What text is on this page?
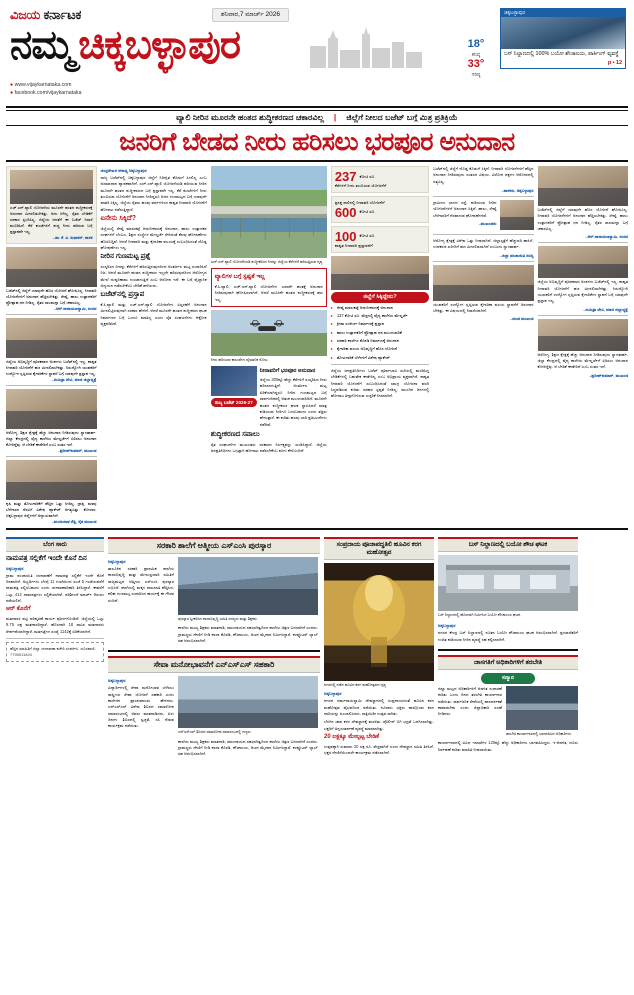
ವಿಜಯ ಕರ್ನಾಟಕ	ಶನಿವಾರ,7 ಮಾರ್ಚ್ 2026
ನಮ್ಮ ಚಿಕ್ಕಬಳ್ಳಾಪುರ	18°
ಕನಿಷ್ಠ
33°
ಗರಿಷ್ಠ
ಚಿಕ್ಕಬಳ್ಳಾಪುರ
ಬಸ್‌ ನಿಲ್ದಾಣದಲ್ಲಿ 100% ಬಯೋ ಶೌಚಾಲಯ, ಪಾರ್ಕಿಂಗ್‌ ವ್ಯವಸ್ಥೆ
p • 12
● www.vijaykarnataka.com
● facebook.com/vijaykarnataka
ವ್ಯಾಲಿ ನೀರಿನ ಮೂರನೇ ಹಂತದ ಶುದ್ಧೀಕರಣದ ಚಕಾರವಿಲ್ಲ | ಜಿಲ್ಲೆಗೆ ನೀಲದ ಬಜೆಟ್‌ ಬಗ್ಗೆ ಮಿತ್ರ ಪ್ರತಿಕ್ರಿಯೆ
ಜನರಿಗೆ ಬೇಡದ ನೀರು ಹರಿಸಲು ಭರಪೂರ ಅನುದಾನ
ಎಚ್‌.ಎನ್‌.ವ್ಯಾಲಿ ಯೋಜನೆಯ ಮೂರನೇ ಹಂತದ ಶುದ್ಧೀಕರಣಕ್ಕೆ ಅನುದಾನ ಮೀಸಲಿಡಬೇಕಿತ್ತು. ಅದು ಆಗಿಲ್ಲ. ರೈತರ ಬೇಡಿಕೆಗೆ ಸರಕಾರ ಸ್ಪಂದಿಸಿಲ್ಲ. ಜಿಲ್ಲೆಯ ಜನತೆಗೆ ಈ ಬಜೆಟ್‌ ನಿರಾಸೆ ಮೂಡಿಸಿದೆ. ಕೆರೆ ಕುಂಟೆಗಳಿಗೆ ಶುದ್ಧ ನೀರು ಹರಿಸುವ ಬಗ್ಗೆ ಪ್ರಸ್ತಾಪವೇ ಇಲ್ಲ.
–ಡಾ. ಕೆ. ವಿ. ಸುಧಾಕರ್‌, ಶಾಸಕ
ಬಜೆಟ್‌ನಲ್ಲಿ ಜಿಲ್ಲೆಗೆ ಯಾವುದೇ ಹೊಸ ಯೋಜನೆ ಘೋಷಿಸಿಲ್ಲ. ನೀರಾವರಿ ಯೋಜನೆಗಳಿಗೆ ಅನುದಾನ ಹೆಚ್ಚಿಸಬೇಕಿತ್ತು. ರೇಷ್ಮೆ, ಹಾಲು ಉತ್ಪಾದಕರಿಗೆ ಪ್ರೋತ್ಸಾಹ ಧನ ನೀಡಿಲ್ಲ. ರೈತರ ಸಾಲಮನ್ನಾ ಬಗ್ಗೆ ಚಕಾರವಿಲ್ಲ.
–ಆರ್‌.ನಾರಾಯಣಸ್ವಾಮಿ, ಸಂಸದ
ಜಿಲ್ಲೆಯ ಅಭಿವೃದ್ಧಿಗೆ ಪೂರಕವಾದ ಅಂಶಗಳು ಬಜೆಟ್‌ನಲ್ಲಿ ಇಲ್ಲ. ಶಾಶ್ವತ ನೀರಾವರಿ ಯೋಜನೆಗೆ ಹಣ ಮೀಸಲಿಡಬೇಕಿತ್ತು. ನಿರುದ್ಯೋಗಿ ಯುವಕರಿಗೆ ಉದ್ಯೋಗ ಸೃಷ್ಟಿಸುವ ಕೈಗಾರಿಕೆಗಳ ಸ್ಥಾಪನೆ ಬಗ್ಗೆ ಯಾವುದೇ ಪ್ರಸ್ತಾಪ ಇಲ್ಲ.
–ಸುಮಿತ್ರಾ ದೇವಿ, ಮಾಜಿ ಜಿಲ್ಲಾಧ್ಯಕ್ಷೆ
ಆರೋಗ್ಯ, ಶಿಕ್ಷಣ ಕ್ಷೇತ್ರಕ್ಕೆ ಹೆಚ್ಚು ಅನುದಾನ ನೀಡಿರುವುದು ಸ್ವಾಗತಾರ್ಹ. ಜಿಲ್ಲಾ ಕೇಂದ್ರದಲ್ಲಿ ವೈದ್ಯ ಕಾಲೇಜು ಮೇಲ್ದರ್ಜೆಗೆ ಏರಿಸಲು ಅನುದಾನ ಕೋರಿದ್ದೆವು. ಆ ಬೇಡಿಕೆ ಈಡೇರಿದೆ ಎಂಬ ಸಂತಸ ಇದೆ.
–ಪ್ರದೀಪ್‌ಕುಮಾರ್‌, ಮುಖಂಡ
ಕೃಷಿ ಮತ್ತು ತೋಟಗಾರಿಕೆಗೆ ಹೆಚ್ಚಿನ ಒತ್ತು ನೀಡಿಲ್ಲ. ದ್ರಾಕ್ಷಿ, ಮಾವು ಬೆಳೆಗಾರರ ನೆರವಿಗೆ ವಿಶೇಷ ಪ್ಯಾಕೇಜ್‌ ಅಗತ್ಯವಿತ್ತು. ಕೋಲಾರ, ಚಿಕ್ಕಬಳ್ಳಾಪುರ ಜಿಲ್ಲೆಗಳಿಗೆ ಅನ್ಯಾಯವಾಗಿದೆ.
–ಮಂಜುನಾಥ ರೆಡ್ಡಿ, ರೈತ ಮುಖಂಡ
ಚಂದ್ರಶೇಖರ ಆರಾಧ್ಯ ಚಿಕ್ಕಬಳ್ಳಾಪುರ

ರಾಜ್ಯ ಬಜೆಟ್‌ನಲ್ಲಿ ಚಿಕ್ಕಬಳ್ಳಾಪುರ ಜಿಲ್ಲೆಗೆ ನಿರೀಕ್ಷಿತ ಕೊಡುಗೆ ಸಿಗಲಿಲ್ಲ ಎಂಬ ಅಸಮಾಧಾನ ವ್ಯಾಪಕವಾಗಿದೆ. ಎಚ್‌.ಎನ್‌.ವ್ಯಾಲಿ ಯೋಜನೆಯಡಿ ಹರಿಯುವ ನೀರಿನ ಮೂರನೇ ಹಂತದ ಶುದ್ಧೀಕರಣದ ಬಗ್ಗೆ ಪ್ರಸ್ತಾಪವೇ ಇಲ್ಲ. ಕೆರೆ ಕುಂಟೆಗಳಿಗೆ ನೀರು ತುಂಬಿಸುವ ಯೋಜನೆಗೆ ಅನುದಾನ ನೀಡಿದ್ದರೂ ಅದರ ಗುಣಮಟ್ಟದ ಬಗ್ಗೆ ಯಾವುದೇ ಖಾತರಿ ಸಿಕ್ಕಿಲ್ಲ. ಜಿಲ್ಲೆಯ ರೈತರು ಹಲವು ವರ್ಷಗಳಿಂದ ಶಾಶ್ವತ ನೀರಾವರಿ ಯೋಜನೆಗೆ ಹೋರಾಟ ನಡೆಸುತ್ತಿದ್ದಾರೆ.

ಏನೇನು ಸಿಕ್ಕಿದೆ?

ಜಿಲ್ಲೆಯಲ್ಲಿ ರೇಷ್ಮೆ ಮಾರುಕಟ್ಟೆ ಆಧುನೀಕರಣಕ್ಕೆ ಅನುದಾನ, ಹಾಲು ಉತ್ಪಾದಕರ ಸಂಘಗಳಿಗೆ ಬೆಂಬಲ, ಶಿಕ್ಷಣ ಸಂಸ್ಥೆಗಳ ಮೇಲ್ದರ್ಜೆ ಸೇರಿದಂತೆ ಕೆಲವು ಘೋಷಣೆಗಳು ಹೊರಬಿದ್ದಿವೆ. ಆದರೆ ನೀರಾವರಿ ಮತ್ತು ಕೈಗಾರಿಕಾ ವಲಯಕ್ಕೆ ಸಂಬಂಧಿಸಿದಂತೆ ದೊಡ್ಡ ಘೋಷಣೆಗಳು ಇಲ್ಲ.

ನೀರಿನ ಗುಣಮಟ್ಟ ಪ್ರಶ್ನೆ

ಸಂಸ್ಕರಿಸಿದ ನೀರನ್ನು ಕೆರೆಗಳಿಗೆ ಹರಿಸುತ್ತಿರುವುದರಿಂದ ಅಂತರ್ಜಲ ಮಟ್ಟ ಸುಧಾರಿಸಿದೆ ನಿಜ. ಆದರೆ ಮೂರನೇ ಹಂತದ ಶುದ್ಧೀಕರಣ ಇಲ್ಲದೇ ಹರಿಸುವುದರಿಂದ ಆರೋಗ್ಯದ ಮೇಲೆ ದುಷ್ಪರಿಣಾಮ ಉಂಟಾಗುತ್ತಿದೆ ಎಂಬ ಆರೋಪ ಇದೆ. ಈ ಬಗ್ಗೆ ವೈಜ್ಞಾನಿಕ ಅಧ್ಯಯನ ನಡೆಸಬೇಕೆಂಬ ಬೇಡಿಕೆ ಹಳೆಯದು.

ಬಜೆಟ್‌ನಲ್ಲಿ ಪ್ರಸ್ತಾಪ

ಕೆ.ಸಿ.ವ್ಯಾಲಿ ಮತ್ತು ಎಚ್‌.ಎನ್‌.ವ್ಯಾಲಿ ಯೋಜನೆಗಳ ವಿಸ್ತರಣೆಗೆ ಅನುದಾನ ಮೀಸಲಿಟ್ಟಿರುವುದಾಗಿ ಸರಕಾರ ಹೇಳಿದೆ. ಆದರೆ ಮೂರನೇ ಹಂತದ ಶುದ್ಧೀಕರಣ ಘಟಕ ನಿರ್ಮಾಣದ ಬಗ್ಗೆ ಒಂದೂ ಮಾತಿಲ್ಲ ಎಂದು ರೈತ ಸಂಘಟನೆಗಳು ಆಕ್ರೋಶ ವ್ಯಕ್ತಪಡಿಸಿವೆ.

ಎಚ್‌.ಎನ್‌.ವ್ಯಾಲಿ ಯೋಜನೆಯಡಿ ಶುದ್ಧೀಕರಿಸಿದ ನೀರನ್ನು ಜಿಲ್ಲೆಯ ಕೆರೆಗಳಿಗೆ ಹರಿಸುತ್ತಿರುವ ದೃಶ್ಯ.
ವ್ಯಾಲಿಗಳ ಬಗ್ಗೆ ಸ್ಪಷ್ಟತೆ ಇಲ್ಲ
ಕೆ.ಸಿ.ವ್ಯಾಲಿ, ಎಚ್‌.ಎನ್‌.ವ್ಯಾಲಿ ಯೋಜನೆಗಳ ಎರಡನೇ ಹಂತಕ್ಕೆ ಅನುದಾನ ನೀಡಿರುವುದಾಗಿ ಘೋಷಿಸಲಾಗಿದೆ. ಆದರೆ ಮೂರನೇ ಹಂತದ ಶುದ್ಧೀಕರಣಕ್ಕೆ ಹಣ ಇಲ್ಲ.
ನೀರು ಹರಿಯುವ ಕಾಲುವೆಗಳ ವೈಮಾನಿಕ ನೋಟ.
ರಾಜ್ಯ ಬಜೆಟ್‌ 2026-27
ನೀರಾವರಿಗೆ ಭರಪೂರ ಅನುದಾನ
ಜಿಲ್ಲೆಯ 300ಕ್ಕೂ ಹೆಚ್ಚು ಕೆರೆಗಳಿಗೆ ಸಂಸ್ಕರಿಸಿದ ನೀರು ಹರಿಸಲಾಗುತ್ತಿದೆ. ಅಂತರ್ಜಲ ಮಟ್ಟ ಏರಿಕೆಯಾಗಿದ್ದರೂ ನೀರಿನ ಗುಣಮಟ್ಟದ ಬಗ್ಗೆ ಸಾರ್ವಜನಿಕರಲ್ಲಿ ಆತಂಕ ಮುಂದುವರಿದಿದೆ. ಮೂರನೇ ಹಂತದ ಶುದ್ಧೀಕರಣ ಘಟಕ ಸ್ಥಾಪಿಸಿದರೆ ಮಾತ್ರ ಕುಡಿಯುವ ನೀರಿಗೂ ಬಳಸಬಹುದು ಎಂದು ತಜ್ಞರು ಹೇಳುತ್ತಾರೆ. ಈ ಕುರಿತು ಹಲವು ಬಾರಿ ಪ್ರತಿಭಟನೆಗಳು ನಡೆದಿವೆ.
ಶುದ್ಧೀಕರಣದ ಸವಾಲು

ರೈತ ಸಂಘಟನೆಗಳ ಮುಖಂಡರು ಸರಕಾರದ ನಿರ್ಲಕ್ಷ್ಯವನ್ನು ಖಂಡಿಸಿದ್ದಾರೆ. ಜಿಲ್ಲೆಯ ಜನಪ್ರತಿನಿಧಿಗಳು ಒಗ್ಗಟ್ಟಾಗಿ ಹೋರಾಟ ನಡೆಸಬೇಕೆಂಬ ಕೂಗು ಕೇಳಿಬಂದಿದೆ.

237 ಕೋಟಿ ರೂ.
ಕೆರೆಗಳಿಗೆ ನೀರು ತುಂಬಿಸುವ ಯೋಜನೆಗೆ
ಪ್ರಸಕ್ತ ಸಾಲಿನಲ್ಲಿ ನೀರಾವರಿ ಯೋಜನೆಗೆ
600 ಕೋಟಿ ರೂ.
100 ಕೋಟಿ ರೂ.
ಶಾಶ್ವತ ನೀರಾವರಿ ಪ್ರಸ್ತಾವನೆಗೆ
ಜಿಲ್ಲೆಗೆ ಸಿಕ್ಕಿದ್ದೇನು?
▸ ರೇಷ್ಮೆ ಮಾರುಕಟ್ಟೆ ಆಧುನೀಕರಣಕ್ಕೆ ಅನುದಾನ
▸ 137 ಕೋಟಿ ರೂ. ವೆಚ್ಚದಲ್ಲಿ ವೈದ್ಯ ಕಾಲೇಜು ಮೇಲ್ದರ್ಜೆ
▸ ಕ್ರೀಡಾ ಸಂಕೀರ್ಣ ನಿರ್ಮಾಣಕ್ಕೆ ಪ್ರಸ್ತಾಪ
▸ ಹಾಲು ಉತ್ಪಾದಕರಿಗೆ ಪ್ರೋತ್ಸಾಹ ಧನ ಮುಂದುವರಿಕೆ
▸ ಸರಕಾರಿ ಶಾಲೆಗಳ ಕೊಠಡಿ ನಿರ್ಮಾಣಕ್ಕೆ ಅನುದಾನ
▸ ಕೈಗಾರಿಕಾ ವಲಯ ಅಭಿವೃದ್ಧಿಗೆ ಹೊಸ ಯೋಜನೆ
▸ ತೋಟಗಾರಿಕೆ ಬೆಳೆಗಳಿಗೆ ವಿಶೇಷ ಪ್ಯಾಕೇಜ್‌

ಜಿಲ್ಲೆಯ ಜನಪ್ರತಿನಿಧಿಗಳು ಬಜೆಟ್‌ ಪೂರ್ವಭಾವಿ ಸಭೆಯಲ್ಲಿ ಮಂಡಿಸಿದ್ದ ಬೇಡಿಕೆಗಳಲ್ಲಿ ಬಹುತೇಕ ಈಡೇರಿಲ್ಲ ಎಂಬ ಅಭಿಪ್ರಾಯ ವ್ಯಕ್ತವಾಗಿದೆ. ಶಾಶ್ವತ ನೀರಾವರಿ ಯೋಜನೆಗೆ ಸಂಬಂಧಿಸಿದಂತೆ ಸಮಗ್ರ ಯೋಜನಾ ವರದಿ ಸಿದ್ಧಪಡಿಸುವ ಕುರಿತು ಸರಕಾರ ಸ್ಪಷ್ಟತೆ ನೀಡಿಲ್ಲ. ಮುಂದಿನ ದಿನಗಳಲ್ಲಿ ಹೋರಾಟ ತೀವ್ರಗೊಳಿಸುವ ಎಚ್ಚರಿಕೆ ನೀಡಲಾಗಿದೆ.

ಬಜೆಟ್‌ನಲ್ಲಿ ಜಿಲ್ಲೆಗೆ ದೊಡ್ಡ ಕೊಡುಗೆ ಸಿಕ್ಕಿದೆ. ನೀರಾವರಿ ಯೋಜನೆಗಳಿಗೆ ಹೆಚ್ಚಿನ ಅನುದಾನ ನೀಡಿರುವುದು ಸಂತಸದ ವಿಷಯ. ವಿರೋಧ ಪಕ್ಷಗಳ ಆರೋಪದಲ್ಲಿ ಸತ್ಯವಿಲ್ಲ.

–ಶಾಸಕರು, ಚಿಕ್ಕಬಳ್ಳಾಪುರ

ಗ್ರಾಮೀಣ ಭಾಗದ ರಸ್ತೆ, ಕುಡಿಯುವ ನೀರಿನ ಯೋಜನೆಗಳಿಗೆ ಅನುದಾನ ಸಿಕ್ಕಿದೆ. ಹಾಲು, ರೇಷ್ಮೆ ಬೆಳೆಗಾರರಿಗೆ ನೆರವಾಗುವ ಘೋಷಣೆಗಳಿವೆ.

–ಮುಖಂಡರು

ಆರೋಗ್ಯ ಕ್ಷೇತ್ರಕ್ಕೆ ವಿಶೇಷ ಒತ್ತು ನೀಡಲಾಗಿದೆ. ಜಿಲ್ಲಾಸ್ಪತ್ರೆಗೆ ಹೆಚ್ಚುವರಿ ಹಾಸಿಗೆ, ಉಪಕರಣ ಖರೀದಿಗೆ ಹಣ ಮೀಸಲಿಡಲಾಗಿದೆ ಎಂಬುದು ಸ್ವಾಗತಾರ್ಹ.

–ಜಿಲ್ಲಾ ಪಂಚಾಯಿತಿ ಸದಸ್ಯ

ಯುವಕರಿಗೆ ಉದ್ಯೋಗ ಸೃಷ್ಟಿಸುವ ಕೈಗಾರಿಕಾ ವಲಯ ಸ್ಥಾಪನೆಗೆ ಅನುದಾನ ಬೇಕಿತ್ತು. ಈ ವಿಷಯದಲ್ಲಿ ನಿರಾಸೆಯಾಗಿದೆ.

–ಯುವ ಮುಖಂಡ

ಬಜೆಟ್‌ನಲ್ಲಿ ಜಿಲ್ಲೆಗೆ ಯಾವುದೇ ಹೊಸ ಯೋಜನೆ ಘೋಷಿಸಿಲ್ಲ. ನೀರಾವರಿ ಯೋಜನೆಗಳಿಗೆ ಅನುದಾನ ಹೆಚ್ಚಿಸಬೇಕಿತ್ತು. ರೇಷ್ಮೆ, ಹಾಲು ಉತ್ಪಾದಕರಿಗೆ ಪ್ರೋತ್ಸಾಹ ಧನ ನೀಡಿಲ್ಲ. ರೈತರ ಸಾಲಮನ್ನಾ ಬಗ್ಗೆ ಚಕಾರವಿಲ್ಲ.

–ಆರ್‌.ನಾರಾಯಣಸ್ವಾಮಿ, ಸಂಸದ

ಜಿಲ್ಲೆಯ ಅಭಿವೃದ್ಧಿಗೆ ಪೂರಕವಾದ ಅಂಶಗಳು ಬಜೆಟ್‌ನಲ್ಲಿ ಇಲ್ಲ. ಶಾಶ್ವತ ನೀರಾವರಿ ಯೋಜನೆಗೆ ಹಣ ಮೀಸಲಿಡಬೇಕಿತ್ತು. ನಿರುದ್ಯೋಗಿ ಯುವಕರಿಗೆ ಉದ್ಯೋಗ ಸೃಷ್ಟಿಸುವ ಕೈಗಾರಿಕೆಗಳ ಸ್ಥಾಪನೆ ಬಗ್ಗೆ ಯಾವುದೇ ಪ್ರಸ್ತಾಪ ಇಲ್ಲ.

–ಸುಮಿತ್ರಾ ದೇವಿ, ಮಾಜಿ ಜಿಲ್ಲಾಧ್ಯಕ್ಷೆ

ಆರೋಗ್ಯ, ಶಿಕ್ಷಣ ಕ್ಷೇತ್ರಕ್ಕೆ ಹೆಚ್ಚು ಅನುದಾನ ನೀಡಿರುವುದು ಸ್ವಾಗತಾರ್ಹ. ಜಿಲ್ಲಾ ಕೇಂದ್ರದಲ್ಲಿ ವೈದ್ಯ ಕಾಲೇಜು ಮೇಲ್ದರ್ಜೆಗೆ ಏರಿಸಲು ಅನುದಾನ ಕೋರಿದ್ದೆವು. ಆ ಬೇಡಿಕೆ ಈಡೇರಿದೆ ಎಂಬ ಸಂತಸ ಇದೆ.

–ಪ್ರದೀಪ್‌ಕುಮಾರ್‌, ಮುಖಂಡ
ಬೆಂಗ ಸಾರು
ನಾಮಪತ್ರ ಸಲ್ಲಿಕೆಗೆ ಇಂದೇ ಕೊನೆ ದಿನ
ಚಿಕ್ಕಬಳ್ಳಾಪುರ

ಗ್ರಾಮ ಪಂಚಾಯಿತಿ ಚುನಾವಣೆಗೆ ನಾಮಪತ್ರ ಸಲ್ಲಿಕೆಗೆ ಇಂದೇ ಕೊನೆ ದಿನವಾಗಿದೆ. ಅಭ್ಯರ್ಥಿಗಳು ಬೆಳಗ್ಗೆ 11 ಗಂಟೆಯಿಂದ ಸಂಜೆ 5 ಗಂಟೆಯವರೆಗೆ ನಾಮಪತ್ರ ಸಲ್ಲಿಸಬಹುದು ಎಂದು ಚುನಾವಣಾಧಿಕಾರಿ ತಿಳಿಸಿದ್ದಾರೆ. ಈವರೆಗೆ ಒಟ್ಟು 412 ನಾಮಪತ್ರಗಳು ಸಲ್ಲಿಕೆಯಾಗಿವೆ. ಪರಿಶೀಲನೆ ಮಾರ್ಚ್‌ 9ರಂದು ನಡೆಯಲಿದೆ.

ಆರ್‌ ಕೊನೆಗೆ

ಮತದಾರರ ಪಟ್ಟಿ ಪರಿಷ್ಕರಣೆ ಕಾರ್ಯ ಪೂರ್ಣಗೊಂಡಿದೆ. ಜಿಲ್ಲೆಯಲ್ಲಿ ಒಟ್ಟು 9.75 ಲಕ್ಷ ಮತದಾರರಿದ್ದಾರೆ. ಹೊಸದಾಗಿ 18 ಸಾವಿರ ಮತದಾರರು ಸೇರ್ಪಡೆಯಾಗಿದ್ದಾರೆ. ಮತಗಟ್ಟೆಗಳ ಸಂಖ್ಯೆ 1142ಕ್ಕೆ ಏರಿಕೆಯಾಗಿದೆ.

ಹೆಚ್ಚಿನ ಮಾಹಿತಿಗೆ ಜಿಲ್ಲಾ ಚುನಾವಣಾ ಕಚೇರಿ ಸಂಪರ್ಕಿಸಿ. ದೂರವಾಣಿ: 7795511844
ಸರಕಾರಿ ಶಾಲೆಗೆ ಆತ್ಮೀಯ ಎಸ್‌ಎಂಸಿ ಪುರಸ್ಕಾರ
ಚಿಕ್ಕಬಳ್ಳಾಪುರ

ತಾಲೂಕಿನ ಸರಕಾರಿ ಪ್ರಾಥಮಿಕ ಶಾಲೆಯ ಶಾಲಾಭಿವೃದ್ಧಿ ಮತ್ತು ಮೇಲುಸ್ತುವಾರಿ ಸಮಿತಿಗೆ ರಾಜ್ಯಮಟ್ಟದ ಆತ್ಮೀಯ ಎಸ್‌ಎಂಸಿ ಪುರಸ್ಕಾರ ಲಭಿಸಿದೆ. ಶಾಲೆಯಲ್ಲಿ ಮಕ್ಕಳ ದಾಖಲಾತಿ ಹೆಚ್ಚಿಸಿದ, ಕಲಿಕಾ ಗುಣಮಟ್ಟ ಸುಧಾರಿಸಿದ ಕಾರ್ಯಕ್ಕೆ ಈ ಗೌರವ ಸಂದಿದೆ.

ಪುರಸ್ಕಾರ ಸ್ವೀಕರಿಸಿದ ಶಾಲಾಭಿವೃದ್ಧಿ ಸಮಿತಿ ಸದಸ್ಯರು ಮತ್ತು ಶಿಕ್ಷಕರು.

ಶಾಲೆಯ ಮುಖ್ಯ ಶಿಕ್ಷಕರು ಮಾತನಾಡಿ, ಸಮುದಾಯದ ಸಹಭಾಗಿತ್ವದಿಂದ ಶಾಲೆಯ ಚಿತ್ರಣ ಬದಲಾಗಿದೆ ಎಂದರು. ಗ್ರಾಮಸ್ಥರು ದೇಣಿಗೆ ನೀಡಿ ಶಾಲಾ ಕೊಠಡಿ, ಶೌಚಾಲಯ, ಆಟದ ಮೈದಾನ ನಿರ್ಮಿಸಿದ್ದಾರೆ. ಕಂಪ್ಯೂಟರ್‌ ಲ್ಯಾಬ್‌ ಸಹ ಆರಂಭಿಸಲಾಗಿದೆ.

ಸೇವಾ ಮನೋಭಾವನೆಗೆ ಎನ್‌ಎಸ್‌ಎಸ್‌ ಸಹಕಾರಿ
ಚಿಕ್ಕಬಳ್ಳಾಪುರ

ವಿದ್ಯಾರ್ಥಿಗಳಲ್ಲಿ ಸೇವಾ ಮನೋಭಾವ ಬೆಳೆಸಲು ರಾಷ್ಟ್ರೀಯ ಸೇವಾ ಯೋಜನೆ ಸಹಕಾರಿ ಎಂದು ಕಾಲೇಜಿನ ಪ್ರಾಂಶುಪಾಲರು ಹೇಳಿದರು. ಎನ್‌ಎಸ್‌ಎಸ್‌ ವಿಶೇಷ ಶಿಬಿರದ ಸಮಾರೋಪ ಸಮಾರಂಭದಲ್ಲಿ ಅವರು ಮಾತನಾಡಿದರು. ಏಳು ದಿನಗಳ ಶಿಬಿರದಲ್ಲಿ ಸ್ವಚ್ಛತೆ, ಸಸಿ ನೆಡುವ ಕಾರ್ಯಕ್ರಮ ನಡೆಯಿತು.

ಎನ್‌ಎಸ್‌ಎಸ್‌ ಶಿಬಿರದ ಸಮಾರೋಪ ಸಮಾರಂಭದಲ್ಲಿ ಗಣ್ಯರು.

ಶಾಲೆಯ ಮುಖ್ಯ ಶಿಕ್ಷಕರು ಮಾತನಾಡಿ, ಸಮುದಾಯದ ಸಹಭಾಗಿತ್ವದಿಂದ ಶಾಲೆಯ ಚಿತ್ರಣ ಬದಲಾಗಿದೆ ಎಂದರು. ಗ್ರಾಮಸ್ಥರು ದೇಣಿಗೆ ನೀಡಿ ಶಾಲಾ ಕೊಠಡಿ, ಶೌಚಾಲಯ, ಆಟದ ಮೈದಾನ ನಿರ್ಮಿಸಿದ್ದಾರೆ. ಕಂಪ್ಯೂಟರ್‌ ಲ್ಯಾಬ್‌ ಸಹ ಆರಂಭಿಸಲಾಗಿದೆ.

ಸಂಪ್ರದಾಯ ಪೂಜಾಪದ್ಧತಿಲಿ ಹೂವಿನ ಕರಗ ಮಹೋತ್ಸವ
ನಗರದಲ್ಲಿ ನಡೆದ ಹೂವಿನ ಕರಗ ಮಹೋತ್ಸವದ ದೃಶ್ಯ.
ಚಿಕ್ಕಬಳ್ಳಾಪುರ

ನಗರದ ಧರ್ಮರಾಯಸ್ವಾಮಿ ದೇವಸ್ಥಾನದಲ್ಲಿ ಸಂಪ್ರದಾಯದಂತೆ ಹೂವಿನ ಕರಗ ಮಹೋತ್ಸವ ವೈಭವದಿಂದ ನಡೆಯಿತು. ನೂರಾರು ಭಕ್ತರು ಪಾಲ್ಗೊಂಡು ಕರಗ ಧಾರಿಯನ್ನು ಹಿಂಬಾಲಿಸಿದರು. ರಾತ್ರಿಯಿಡೀ ಉತ್ಸವ ಸಾಗಿತು.

ಬೆಳಗಿನ ಜಾವ ಕರಗ ದೇವಸ್ಥಾನಕ್ಕೆ ಮರಳಿತು. ಪೊಲೀಸ್‌ ಬಿಗಿ ಭದ್ರತೆ ಒದಗಿಸಲಾಗಿತ್ತು. ಭಕ್ತರಿಗೆ ಅನ್ನಸಂತರ್ಪಣೆ ವ್ಯವಸ್ಥೆ ಮಾಡಲಾಗಿತ್ತು.

20 ಲಕ್ಷಕ್ಕೂ ಮೇಲ್ಪಟ್ಟ ಬೇಡಿಕೆ

ಉತ್ಸವಕ್ಕಾಗಿ ಸುಮಾರು 20 ಲಕ್ಷ ರೂ. ವೆಚ್ಚವಾಗಿದೆ ಎಂದು ದೇವಸ್ಥಾನ ಸಮಿತಿ ತಿಳಿಸಿದೆ. ಭಕ್ತರ ದೇಣಿಗೆಯಿಂದಲೇ ಕಾರ್ಯಕ್ರಮ ನಡೆಸಲಾಗಿದೆ.

ಬಸ್‌ ನಿಲ್ದಾಣದಲ್ಲಿ ಬಯೋ ಶೌಚ ಘಟಕ
ಬಸ್‌ ನಿಲ್ದಾಣದಲ್ಲಿ ಹೊಸದಾಗಿ ನಿರ್ಮಿಸಿದ ಬಯೋ ಶೌಚಾಲಯ ಘಟಕ.
ಚಿಕ್ಕಬಳ್ಳಾಪುರ

ನಗರದ ಕೇಂದ್ರ ಬಸ್‌ ನಿಲ್ದಾಣದಲ್ಲಿ ನೂತನ ಬಯೋ ಶೌಚಾಲಯ ಘಟಕ ಆರಂಭಿಸಲಾಗಿದೆ. ಪ್ರಯಾಣಿಕರಿಗೆ ಉಚಿತ ಕುಡಿಯುವ ನೀರಿನ ವ್ಯವಸ್ಥೆ ಸಹ ಕಲ್ಪಿಸಲಾಗಿದೆ.

ಜಾಸಗತಿಗೆ ಅಧಿಕಾರಿಗಳಿಗೆ ತರಬೇತಿ
ಸನ್ಮಾನ

ಜಿಲ್ಲಾ ಮಟ್ಟದ ಅಧಿಕಾರಿಗಳಿಗೆ ಆಡಳಿತ ಸುಧಾರಣೆ ಕುರಿತು ಒಂದು ದಿನದ ತರಬೇತಿ ಕಾರ್ಯಾಗಾರ ನಡೆಯಿತು. ಸಾರ್ವಜನಿಕ ಸೇವೆಯಲ್ಲಿ ಪಾರದರ್ಶಕತೆ ಕಾಪಾಡಬೇಕು ಎಂದು ಜಿಲ್ಲಾಧಿಕಾರಿ ಸಲಹೆ ನೀಡಿದರು.

ತರಬೇತಿ ಕಾರ್ಯಾಗಾರದಲ್ಲಿ ಭಾಗವಹಿಸಿದ ಅಧಿಕಾರಿಗಳು.

ಕಾರ್ಯಾಗಾರದಲ್ಲಿ ವಿವಿಧ ಇಲಾಖೆಗಳ 120ಕ್ಕೂ ಹೆಚ್ಚು ಅಧಿಕಾರಿಗಳು ಭಾಗವಹಿಸಿದ್ದರು. ಇ-ಆಡಳಿತ, ದೂರು ನಿರ್ವಹಣೆ ಕುರಿತು ಮಾಹಿತಿ ನೀಡಲಾಯಿತು.
